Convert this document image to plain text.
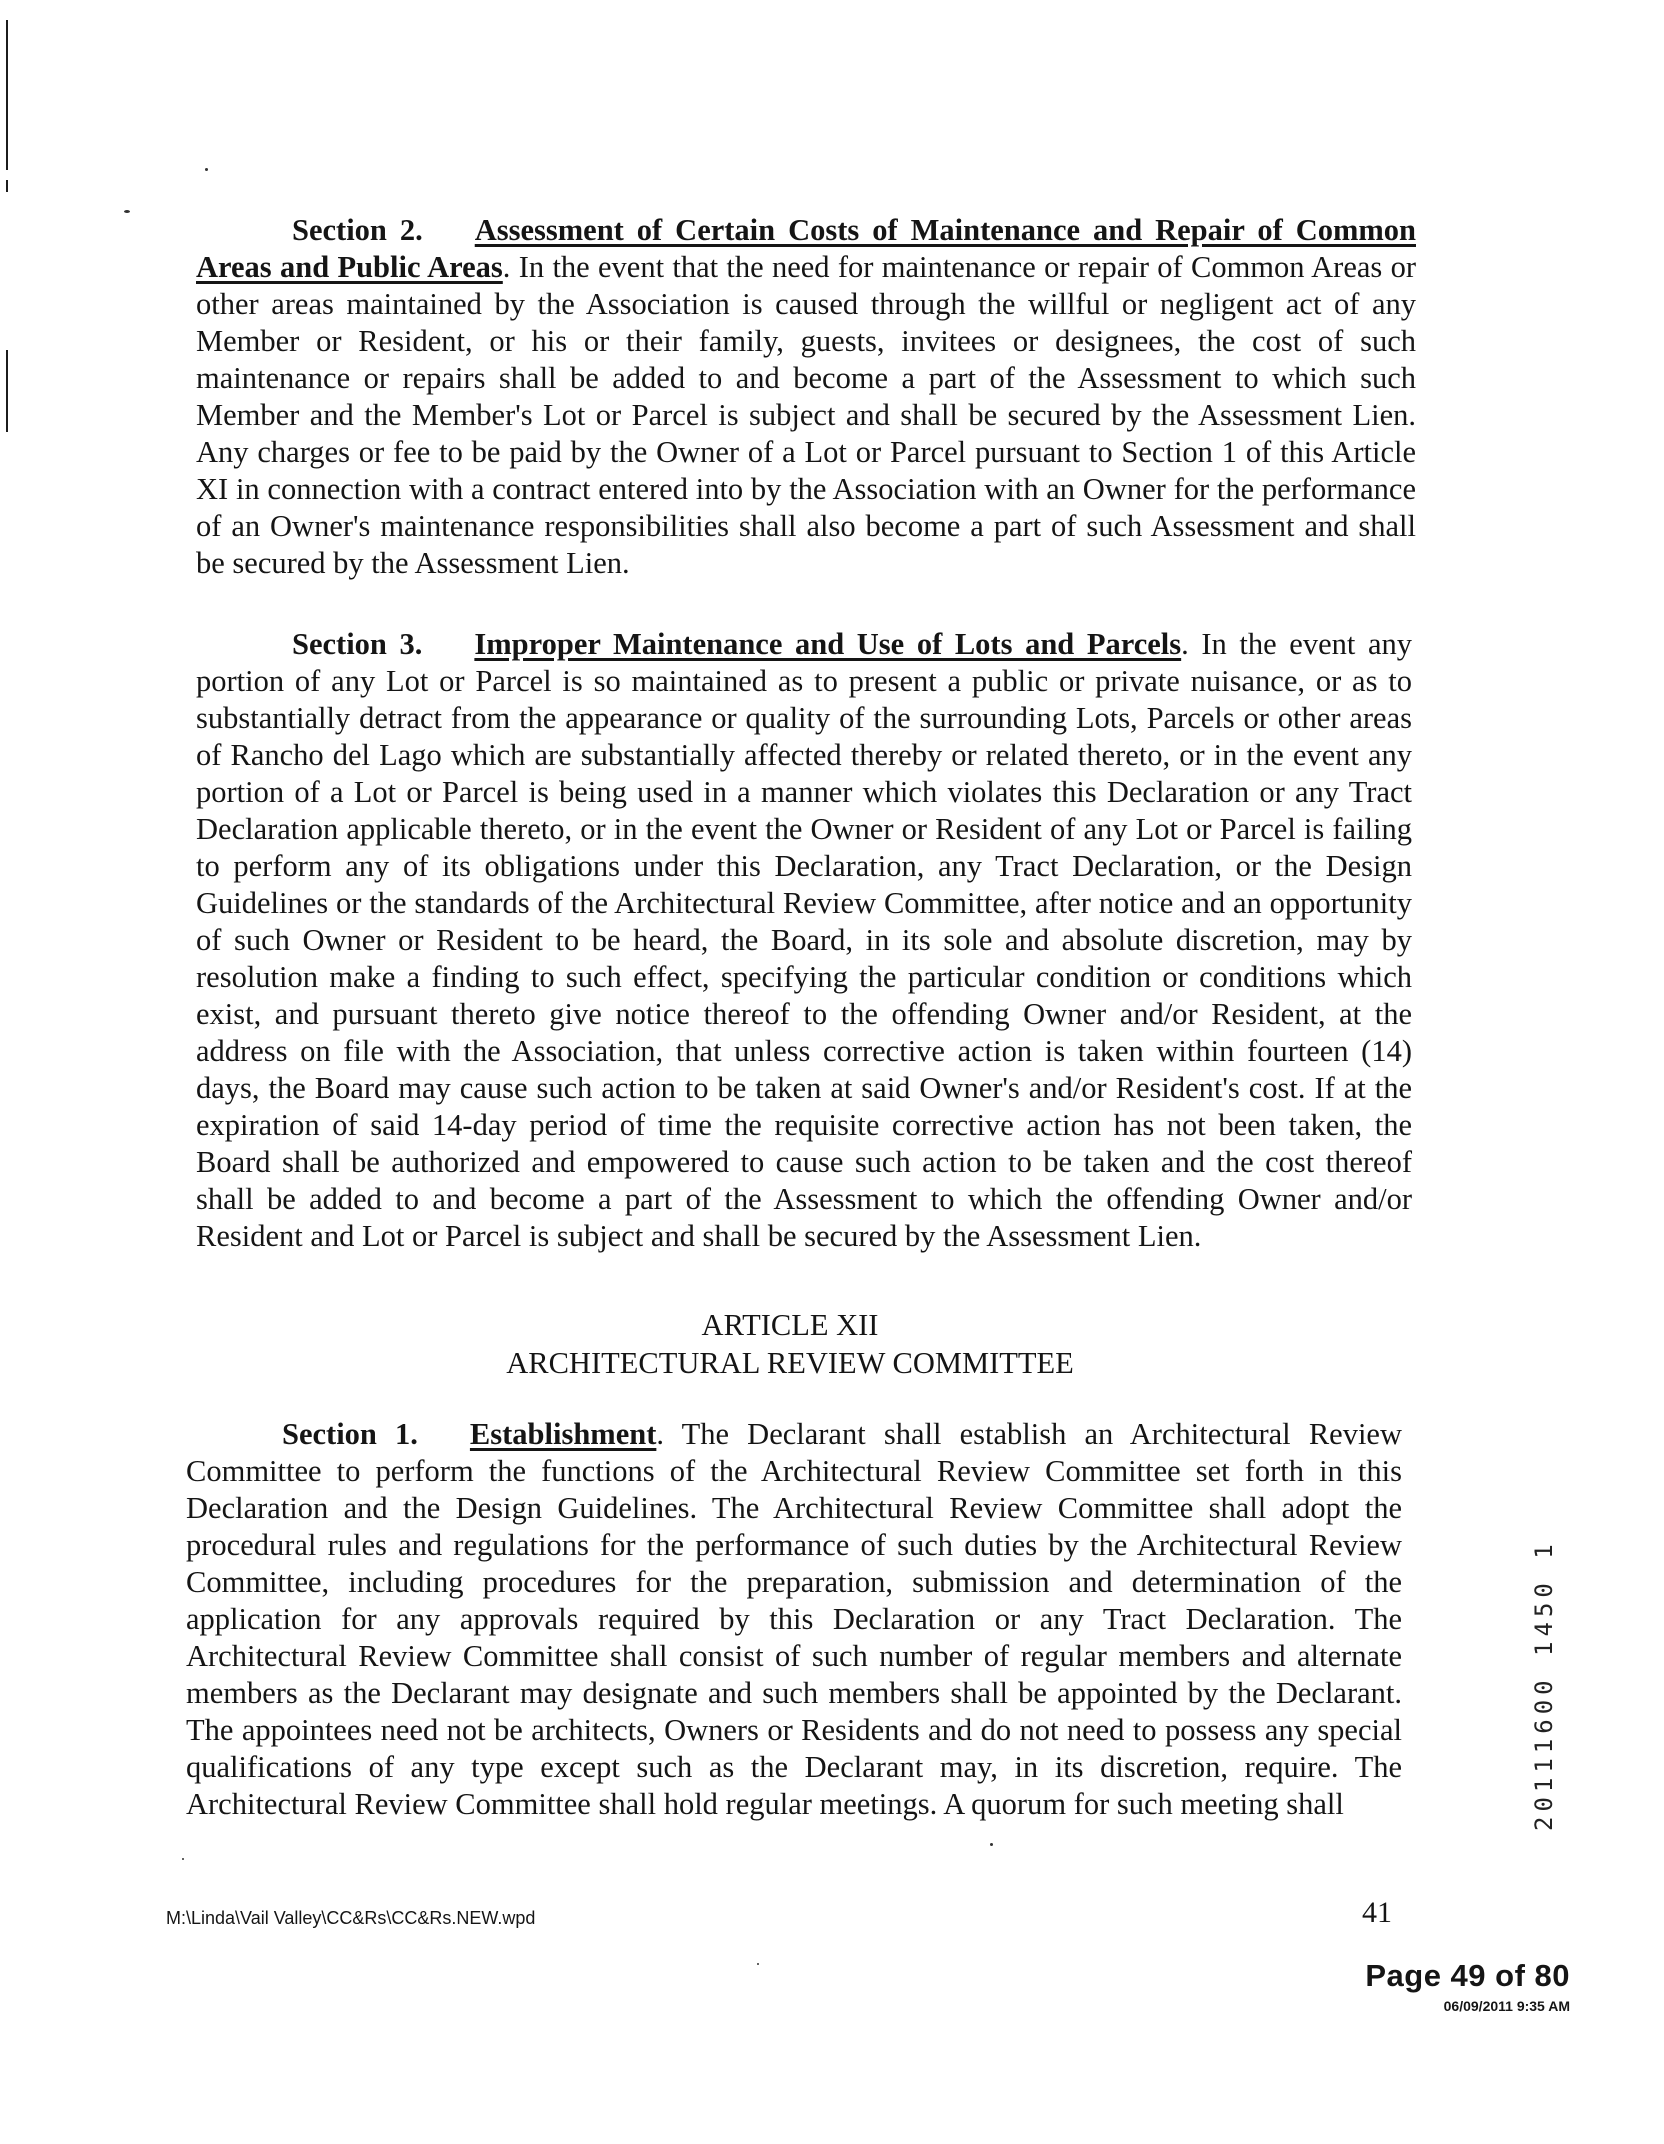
Section 2. Assessment of Certain Costs of Maintenance and Repair of Common Areas and Public Areas. In the event that the need for maintenance or repair of Common Areas or other areas maintained by the Association is caused through the willful or negligent act of any Member or Resident, or his or their family, guests, invitees or designees, the cost of such maintenance or repairs shall be added to and become a part of the Assessment to which such Member and the Member's Lot or Parcel is subject and shall be secured by the Assessment Lien. Any charges or fee to be paid by the Owner of a Lot or Parcel pursuant to Section 1 of this Article XI in connection with a contract entered into by the Association with an Owner for the performance of an Owner's maintenance responsibilities shall also become a part of such Assessment and shall be secured by the Assessment Lien.

Section 3. Improper Maintenance and Use of Lots and Parcels. In the event any portion of any Lot or Parcel is so maintained as to present a public or private nuisance, or as to substantially detract from the appearance or quality of the surrounding Lots, Parcels or other areas of Rancho del Lago which are substantially affected thereby or related thereto, or in the event any portion of a Lot or Parcel is being used in a manner which violates this Declaration or any Tract Declaration applicable thereto, or in the event the Owner or Resident of any Lot or Parcel is failing to perform any of its obligations under this Declaration, any Tract Declaration, or the Design Guidelines or the standards of the Architectural Review Committee, after notice and an opportunity of such Owner or Resident to be heard, the Board, in its sole and absolute discretion, may by resolution make a finding to such effect, specifying the particular condition or conditions which exist, and pursuant thereto give notice thereof to the offending Owner and/or Resident, at the address on file with the Association, that unless corrective action is taken within fourteen (14) days, the Board may cause such action to be taken at said Owner's and/or Resident's cost. If at the expiration of said 14-day period of time the requisite corrective action has not been taken, the Board shall be authorized and empowered to cause such action to be taken and the cost thereof shall be added to and become a part of the Assessment to which the offending Owner and/or Resident and Lot or Parcel is subject and shall be secured by the Assessment Lien.

ARTICLE XII
ARCHITECTURAL REVIEW COMMITTEE

Section 1. Establishment. The Declarant shall establish an Architectural Review Committee to perform the functions of the Architectural Review Committee set forth in this Declaration and the Design Guidelines. The Architectural Review Committee shall adopt the procedural rules and regulations for the performance of such duties by the Architectural Review Committee, including procedures for the preparation, submission and determination of the application for any approvals required by this Declaration or any Tract Declaration. The Architectural Review Committee shall consist of such number of regular members and alternate members as the Declarant may designate and such members shall be appointed by the Declarant. The appointees need not be architects, Owners or Residents and do not need to possess any special qualifications of any type except such as the Declarant may, in its discretion, require. The Architectural Review Committee shall hold regular meetings. A quorum for such meeting shall

M:\Linda\Vail Valley\CC&Rs\CC&Rs.NEW.wpd	41
20111600 1450 1
Page 49 of 80
06/09/2011 9:35 AM
